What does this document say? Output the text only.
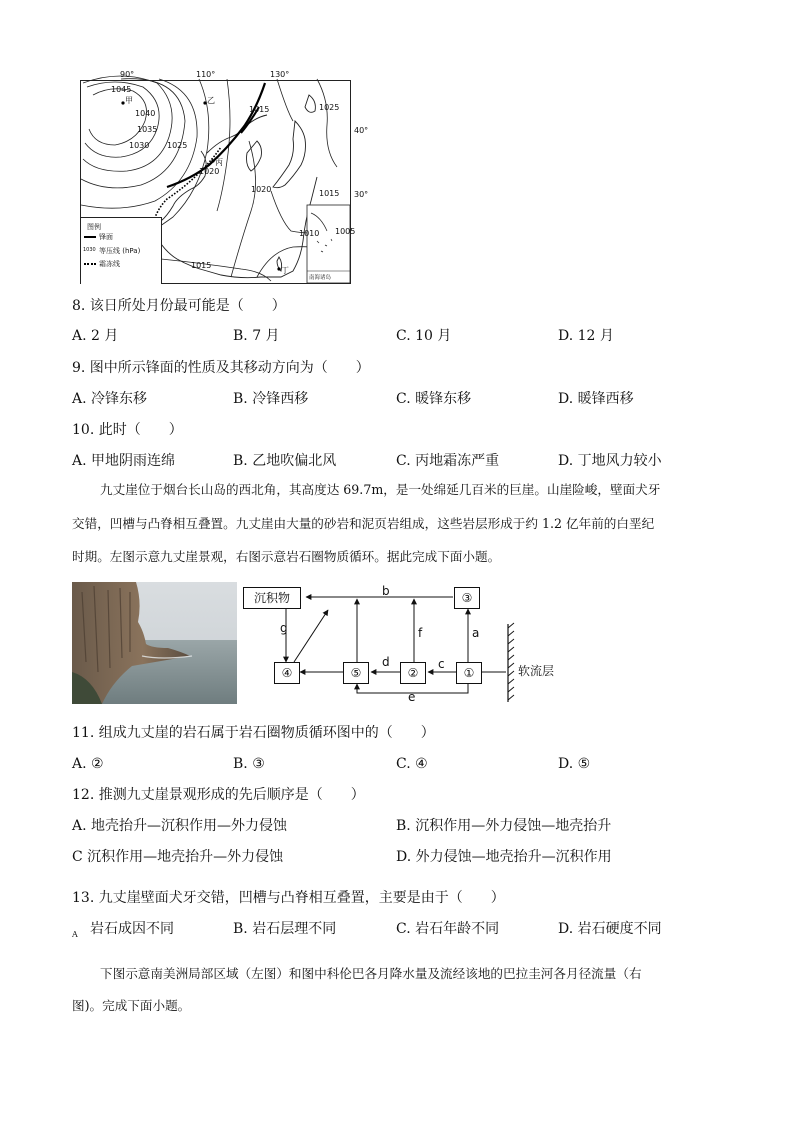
1045
1040
1035
1030 1025
1020
1015	1025
1020	1015
1010 1005
1015
甲	乙
丙
丁
南海诸岛
图例
锋面
1030 等压线 (hPa)
霜冻线
90°	110°	130°
40°
30°
8. 该日所处月份最可能是（　　）
A. 2 月	B. 7 月	C. 10 月	D. 12 月
9. 图中所示锋面的性质及其移动方向为（　　）
A. 冷锋东移	B. 冷锋西移	C. 暖锋东移	D. 暖锋西移
10. 此时（　　）
A. 甲地阴雨连绵	B. 乙地吹偏北风	C. 丙地霜冻严重	D. 丁地风力较小
九丈崖位于烟台长山岛的西北角，其高度达 69.7m，是一处绵延几百米的巨崖。山崖险峻，壁面犬牙
交错，凹槽与凸脊相互叠置。九丈崖由大量的砂岩和泥页岩组成，这些岩层形成于约 1.2 亿年前的白垩纪
时期。左图示意九丈崖景观，右图示意岩石圈物质循环。据此完成下面小题。
沉积物	③
④	⑤	②	①
b
g	f	a
d	c
e
软流层
11. 组成九丈崖的岩石属于岩石圈物质循环图中的（　　）
A. ②	B. ③	C. ④	D. ⑤
12. 推测九丈崖景观形成的先后顺序是（　　）
A. 地壳抬升—沉积作用—外力侵蚀	B. 沉积作用—外力侵蚀—地壳抬升
C 沉积作用—地壳抬升—外力侵蚀	D. 外力侵蚀—地壳抬升—沉积作用
13. 九丈崖壁面犬牙交错，凹槽与凸脊相互叠置，主要是由于（　　）
A 岩石成因不同	B. 岩石层理不同	C. 岩石年龄不同	D. 岩石硬度不同
下图示意南美洲局部区域（左图）和图中科伦巴各月降水量及流经该地的巴拉圭河各月径流量（右
图)。完成下面小题。
